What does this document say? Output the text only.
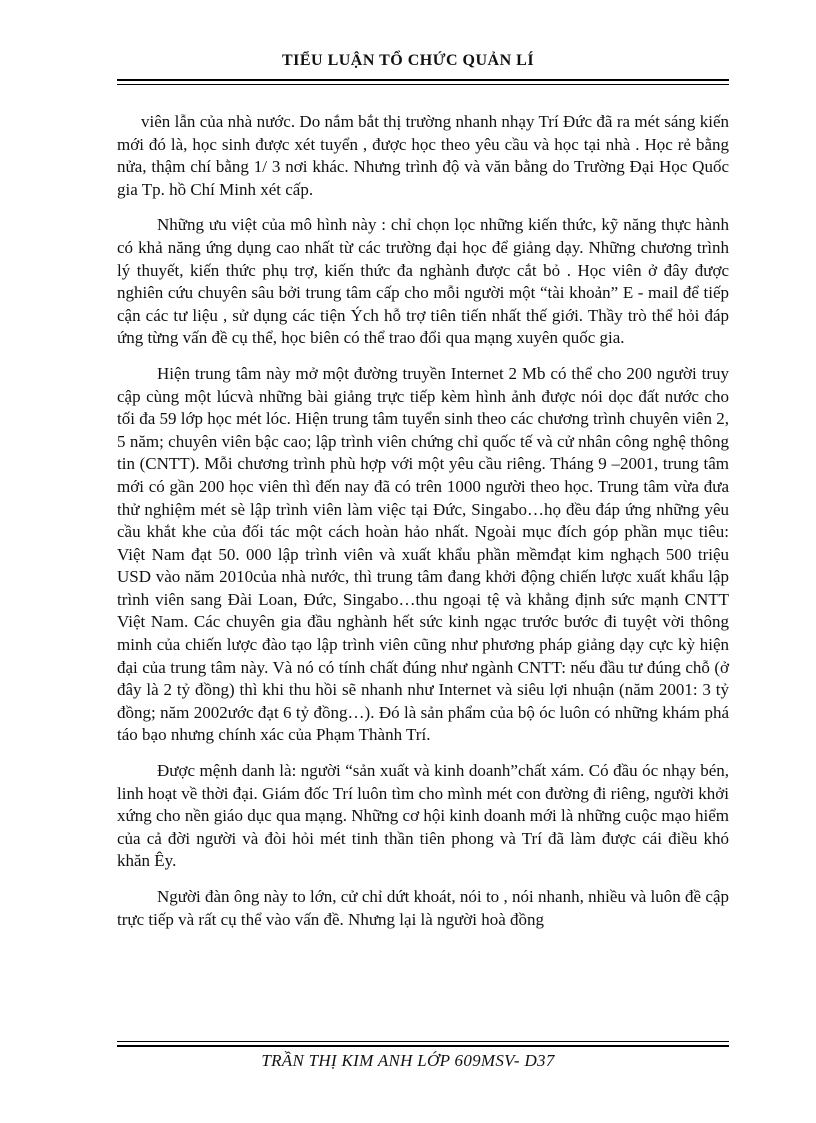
TIỂU LUẬN TỔ CHỨC QUẢN LÍ

viên lẫn của nhà nước. Do nắm bắt thị trường nhanh nhạy Trí Đức đã ra mét sáng kiến mới đó là, học sinh được xét tuyển , được học theo yêu cầu và học tại nhà . Học rẻ bằng nửa, thậm chí bằng 1/ 3 nơi khác. Nhưng trình độ và văn bằng do Trường Đại Học Quốc gia Tp. hồ Chí Minh xét cấp.

Những ưu việt của mô hình này : chỉ chọn lọc những kiến thức, kỹ năng thực hành có khả năng ứng dụng cao nhất từ các trường đại học để giảng dạy. Những chương trình lý thuyết, kiến thức phụ trợ, kiến thức đa nghành được cắt bỏ . Học viên ở đây được nghiên cứu chuyên sâu bởi trung tâm cấp cho mỗi người một “tài khoản” E - mail để tiếp cận các tư liệu , sử dụng các tiện Ých hỗ trợ tiên tiến nhất thế giới. Thầy trò thể hỏi đáp ứng từng vấn đề cụ thể, học biên có thể trao đổi qua mạng xuyên quốc gia.

Hiện trung tâm này mở một đường truyền Internet 2 Mb có thể cho 200 người truy cập cùng một lúcvà những bài giảng trực tiếp kèm hình ảnh được nói dọc đất nước cho tối đa 59 lớp học mét lóc. Hiện trung tâm tuyển sinh theo các chương trình chuyên viên 2, 5 năm; chuyên viên bậc cao; lập trình viên chứng chỉ quốc tế và cử nhân công nghệ thông tin (CNTT). Mỗi chương trình phù hợp với một yêu cầu riêng. Tháng 9 –2001, trung tâm mới có gần 200 học viên thì đến nay đã có trên 1000 người theo học. Trung tâm vừa đưa thử nghiệm mét sè lập trình viên làm việc tại Đức, Singabo…họ đều đáp ứng những yêu cầu khắt khe của đối tác một cách hoàn hảo nhất. Ngoài mục đích góp phần mục tiêu: Việt Nam đạt 50. 000 lập trình viên và xuất khẩu phần mềmđạt kim nghạch 500 triệu USD vào năm 2010của nhà nước, thì trung tâm đang khởi động chiến lược xuất khẩu lập trình viên sang Đài Loan, Đức, Singabo…thu ngoại tệ và khẳng định sức mạnh CNTT Việt Nam. Các chuyên gia đầu nghành hết sức kinh ngạc trước bước đi tuyệt vời thông minh của chiến lược đào tạo lập trình viên cũng như phương pháp giảng dạy cực kỳ hiện đại của trung tâm này. Và nó có tính chất đúng như ngành CNTT: nếu đầu tư đúng chỗ (ở đây là 2 tỷ đồng) thì khi thu hồi sẽ nhanh như Internet và siêu lợi nhuận (năm 2001: 3 tỷ đồng; năm 2002ước đạt 6 tỷ đồng…). Đó là sản phẩm của bộ óc luôn có những khám phá táo bạo nhưng chính xác của Phạm Thành Trí.

Được mệnh danh là: người “sản xuất và kinh doanh”chất xám. Có đầu óc nhạy bén, linh hoạt về thời đại. Giám đốc Trí luôn tìm cho mình mét con đường đi riêng, người khởi xứng cho nền giáo dục qua mạng. Những cơ hội kinh doanh mới là những cuộc mạo hiểm của cả đời người và đòi hỏi mét tinh thần tiên phong và Trí đã làm được cái điều khó khăn Êy.

Người đàn ông này to lớn, cử chỉ dứt khoát, nói to , nói nhanh, nhiều và luôn đề cập trực tiếp và rất cụ thể vào vấn đề. Nhưng lại là người hoà đồng

TRẦN THỊ KIM ANH LỚP 609MSV- D37
